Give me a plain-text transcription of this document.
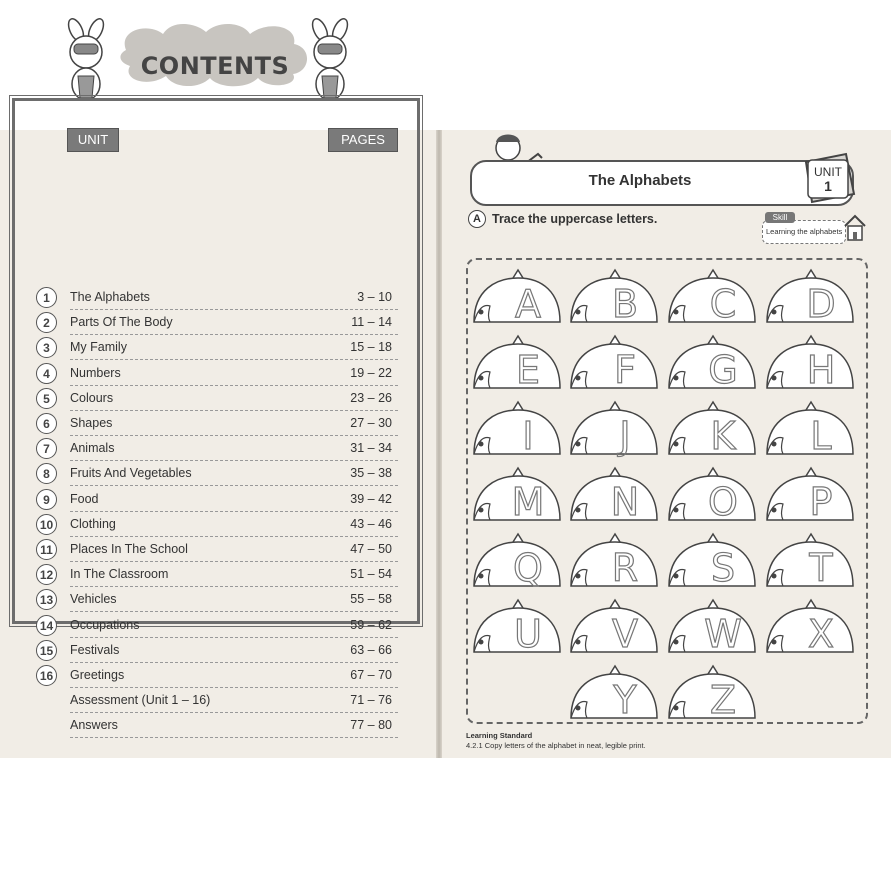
CONTENTS
UNIT	PAGES
1	The Alphabets	3 – 10
2	Parts Of The Body	11 – 14
3	My Family	15 – 18
4	Numbers	19 – 22
5	Colours	23 – 26
6	Shapes	27 – 30
7	Animals	31 – 34
8	Fruits And Vegetables	35 – 38
9	Food	39 – 42
10	Clothing	43 – 46
11	Places In The School	47 – 50
12	In The Classroom	51 – 54
13	Vehicles	55 – 58
14	Occupations	59 – 62
15	Festivals	63 – 66
16	Greetings	67 – 70
Assessment (Unit 1 – 16)	71 – 76
Answers	77 – 80
The Alphabets	UNIT
1
A Trace the uppercase letters.	Skill
Learning the alphabets
A B C D
E F G H
I	J	K	L
M N O P
Q R S T
U V W X
Y Z
Learning Standard
4.2.1 Copy letters of the alphabet in neat, legible print.
